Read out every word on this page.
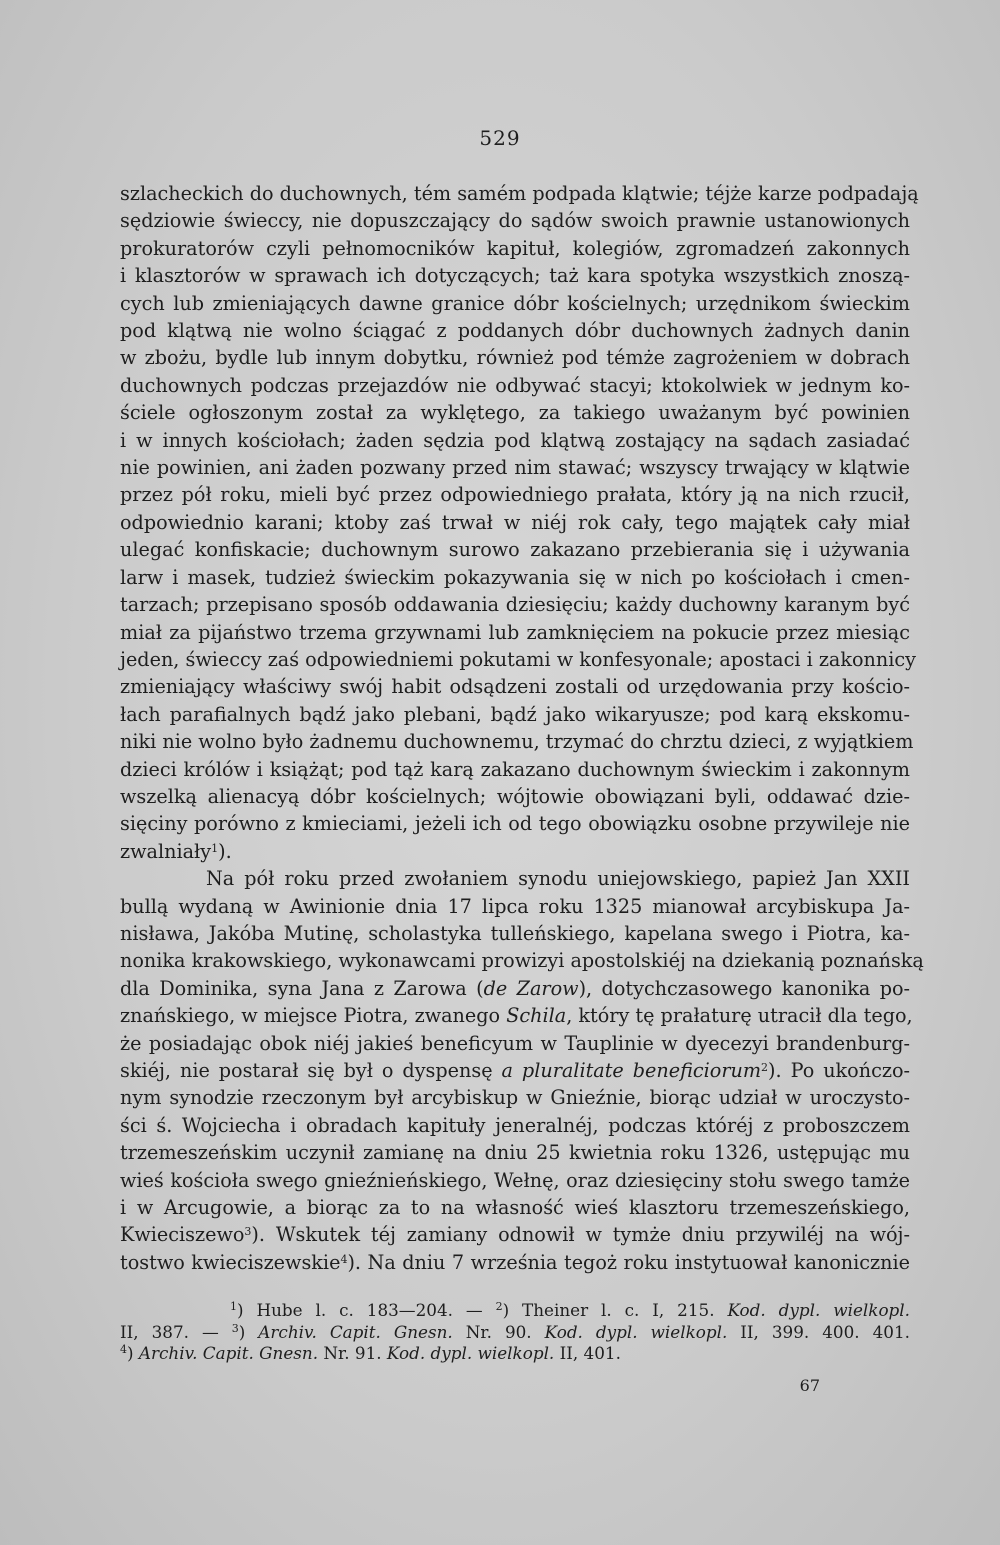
529
szlacheckich do duchownych, tém samém podpada klątwie; téjże karze podpadają
sędziowie świeccy, nie dopuszczający do sądów swoich prawnie ustanowionych
prokuratorów czyli pełnomocników kapituł, kolegiów, zgromadzeń zakonnych
i klasztorów w sprawach ich dotyczących; taż kara spotyka wszystkich znoszą-
cych lub zmieniających dawne granice dóbr kościelnych; urzędnikom świeckim
pod klątwą nie wolno ściągać z poddanych dóbr duchownych żadnych danin
w zbożu, bydle lub innym dobytku, również pod témże zagrożeniem w dobrach
duchownych podczas przejazdów nie odbywać stacyi; ktokolwiek w jednym ko-
ściele ogłoszonym został za wyklętego, za takiego uważanym być powinien
i w innych kościołach; żaden sędzia pod klątwą zostający na sądach zasiadać
nie powinien, ani żaden pozwany przed nim stawać; wszyscy trwający w klątwie
przez pół roku, mieli być przez odpowiedniego prałata, który ją na nich rzucił,
odpowiednio karani; ktoby zaś trwał w niéj rok cały, tego majątek cały miał
ulegać konfiskacie; duchownym surowo zakazano przebierania się i używania
larw i masek, tudzież świeckim pokazywania się w nich po kościołach i cmen-
tarzach; przepisano sposób oddawania dziesięciu; każdy duchowny karanym być
miał za pijaństwo trzema grzywnami lub zamknięciem na pokucie przez miesiąc
jeden, świeccy zaś odpowiedniemi pokutami w konfesyonale; apostaci i zakonnicy
zmieniający właściwy swój habit odsądzeni zostali od urzędowania przy kościo-
łach parafialnych bądź jako plebani, bądź jako wikaryusze; pod karą ekskomu-
niki nie wolno było żadnemu duchownemu, trzymać do chrztu dzieci, z wyjątkiem
dzieci królów i książąt; pod tąż karą zakazano duchownym świeckim i zakonnym
wszelką alienacyą dóbr kościelnych; wójtowie obowiązani byli, oddawać dzie-
sięciny porówno z kmieciami, jeżeli ich od tego obowiązku osobne przywileje nie
zwalniały$^1$).
Na pół roku przed zwołaniem synodu uniejowskiego, papież Jan XXII
bullą wydaną w Awinionie dnia 17 lipca roku 1325 mianował arcybiskupa Ja-
nisława, Jakóba Mutinę, scholastyka tulleńskiego, kapelana swego i Piotra, ka-
nonika krakowskiego, wykonawcami prowizyi apostolskiéj na dziekanią poznańską
dla Dominika, syna Jana z Zarowa (de Zarow), dotychczasowego kanonika po-
znańskiego, w miejsce Piotra, zwanego Schila, który tę prałaturę utracił dla tego,
że posiadając obok niéj jakieś beneficyum w Tauplinie w dyecezyi brandenburg-
skiéj, nie postarał się był o dyspensę a pluralitate beneficiorum$^2$). Po ukończo-
nym synodzie rzeczonym był arcybiskup w Gnieźnie, biorąc udział w uroczysto-
ści ś. Wojciecha i obradach kapituły jeneralnéj, podczas któréj z proboszczem
trzemeszeńskim uczynił zamianę na dniu 25 kwietnia roku 1326, ustępując mu
wieś kościoła swego gnieźnieńskiego, Wełnę, oraz dziesięciny stołu swego tamże
i w Arcugowie, a biorąc za to na własność wieś klasztoru trzemeszeńskiego,
Kwieciszewo$^3$). Wskutek téj zamiany odnowił w tymże dniu przywiléj na wój-
tostwo kwieciszewskie$^4$). Na dniu 7 września tegoż roku instytuował kanonicznie
$^1$) Hube l. c. 183—204. — $^2$) Theiner l. c. I, 215. Kod. dypl. wielkopl.
II, 387. — $^3$) Archiv. Capit. Gnesn. Nr. 90. Kod. dypl. wielkopl. II, 399. 400. 401.
$^4$) Archiv. Capit. Gnesn. Nr. 91. Kod. dypl. wielkopl. II, 401.
67
